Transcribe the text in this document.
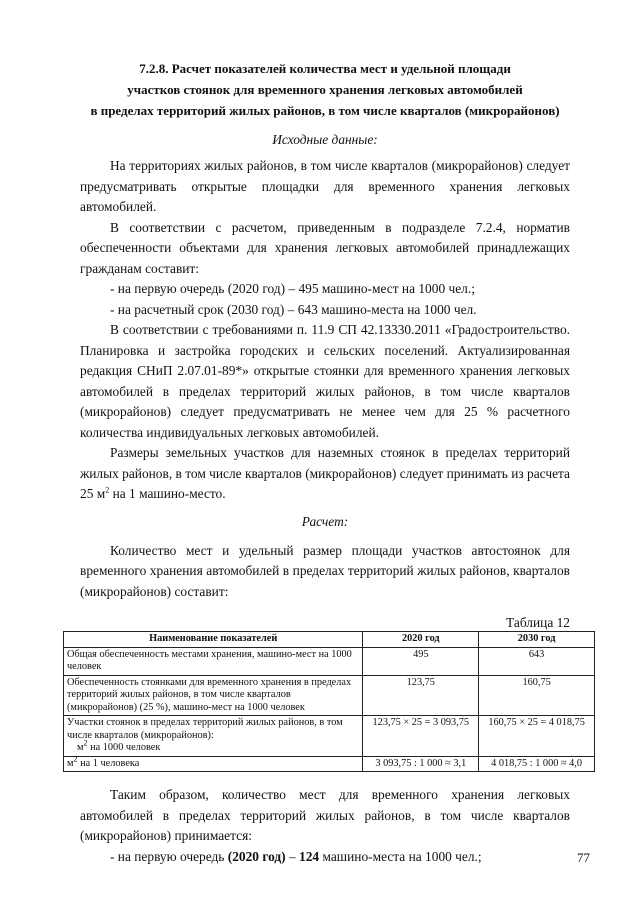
7.2.8. Расчет показателей количества мест и удельной площади
участков стоянок для временного хранения легковых автомобилей
в пределах территорий жилых районов, в том числе кварталов (микрорайонов)
Исходные данные:

На территориях жилых районов, в том числе кварталов (микрорайонов) следует предусматривать открытые площадки для временного хранения легковых автомобилей.

В соответствии с расчетом, приведенным в подразделе 7.2.4, норматив обеспеченности объектами для хранения легковых автомобилей принадлежащих гражданам составит:

- на первую очередь (2020 год) – 495 машино-мест на 1000 чел.;

- на расчетный срок (2030 год) – 643 машино-места на 1000 чел.

В соответствии с требованиями п. 11.9 СП 42.13330.2011 «Градостроительство. Планировка и застройка городских и сельских поселений. Актуализированная редакция СНиП 2.07.01-89*» открытые стоянки для временного хранения легковых автомобилей в пределах территорий жилых районов, в том числе кварталов (микрорайонов) следует предусматривать не менее чем для 25 % расчетного количества индивидуальных легковых автомобилей.

Размеры земельных участков для наземных стоянок в пределах территорий жилых районов, в том числе кварталов (микрорайонов) следует принимать из расчета 25 $м^2$ на 1 машино-место.

Расчет:

Количество мест и удельный размер площади участков автостоянок для временного хранения автомобилей в пределах территорий жилых районов, кварталов (микрорайонов) составит:

Таблица 12
Наименование показателей	2020 год	2030 год
Общая обеспеченность местами хранения, машино-мест на 1000 человек	495	643
Обеспеченность стоянками для временного хранения в пределах территорий жилых районов, в том числе кварталов (микрорайонов) (25 %), машино-мест на 1000 человек	123,75	160,75

Участки стоянок в пределах территорий жилых районов, в том числе кварталов (микрорайонов):
$м^2$ на 1000 человек	123,75 × 25 = 3 093,75	160,75 × 25 = 4 018,75
$м^2$ на 1 человека	3 093,75 : 1 000 ≈ 3,1	4 018,75 : 1 000 ≈ 4,0

Таким образом, количество мест для временного хранения легковых автомобилей в пределах территорий жилых районов, в том числе кварталов (микрорайонов) принимается:

- на первую очередь (2020 год) – 124 машино-места на 1000 чел.;	77
